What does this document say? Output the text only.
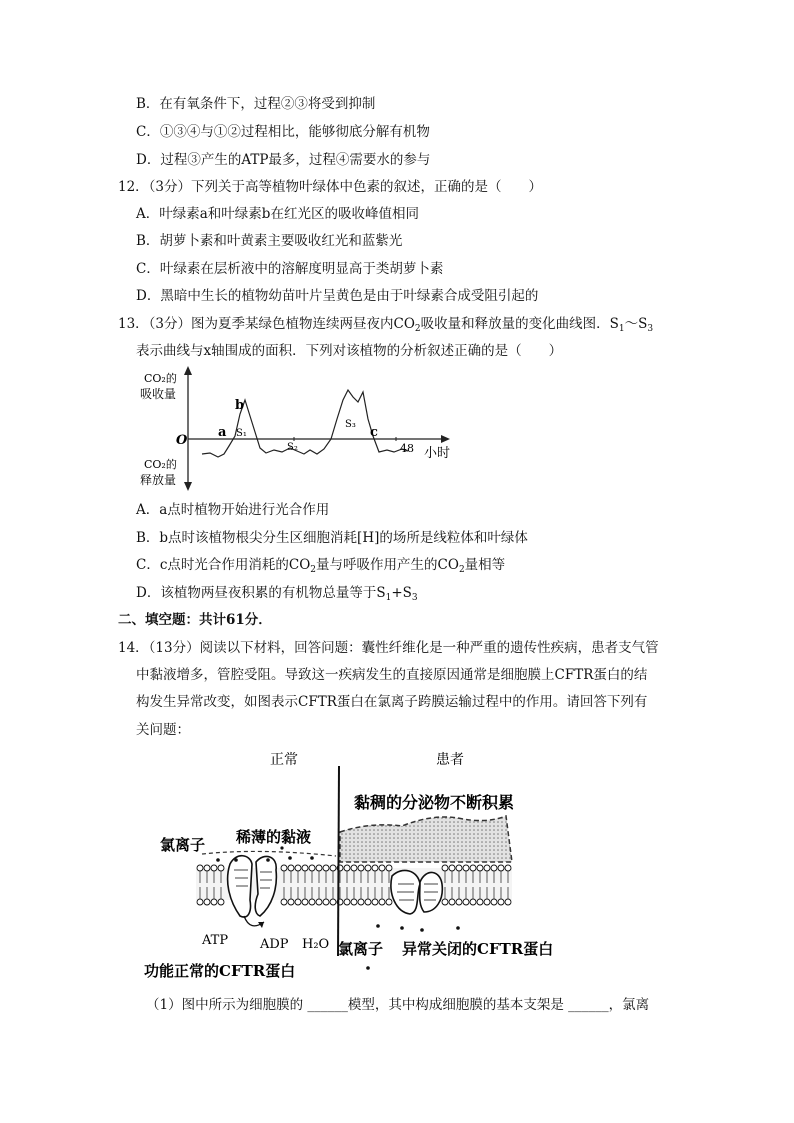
B．在有氧条件下，过程②③将受到抑制
C．①③④与①②过程相比，能够彻底分解有机物
D．过程③产生的ATP最多，过程④需要水的参与
12．（3分）下列关于高等植物叶绿体中色素的叙述，正确的是（　　）
A．叶绿素a和叶绿素b在红光区的吸收峰值相同
B．胡萝卜素和叶黄素主要吸收红光和蓝紫光
C．叶绿素在层析液中的溶解度明显高于类胡萝卜素
D．黑暗中生长的植物幼苗叶片呈黄色是由于叶绿素合成受阻引起的
13．（3分）图为夏季某绿色植物连续两昼夜内$CO_2$吸收量和释放量的变化曲线图．$S_1\sim S_3$
表示曲线与x轴围成的面积．下列对该植物的分析叙述正确的是（　　）
CO₂的
吸收量
CO₂的
释放量
O
小时
48
a
b
c
S₁
S₂
S₃
A．a点时植物开始进行光合作用
B．b点时该植物根尖分生区细胞消耗[H]的场所是线粒体和叶绿体
C．c点时光合作用消耗的$CO_2$量与呼吸作用产生的$CO_2$量相等
D．该植物两昼夜积累的有机物总量等于$S_1+S_3$
二、填空题：共计61分．
14．（13分）阅读以下材料，回答问题：囊性纤维化是一种严重的遗传性疾病，患者支气管
中黏液增多，管腔受阻。导致这一疾病发生的直接原因通常是细胞膜上CFTR蛋白的结
构发生异常改变，如图表示CFTR蛋白在氯离子跨膜运输过程中的作用。请回答下列有
关问题：
正常	患者
黏稠的分泌物不断积累
氯离子 稀薄的黏液
ATP ADP H₂O 氯离子 异常关闭的CFTR蛋白
功能正常的CFTR蛋白
（1）图中所示为细胞膜的 ______模型，其中构成细胞膜的基本支架是 ______，氯离
